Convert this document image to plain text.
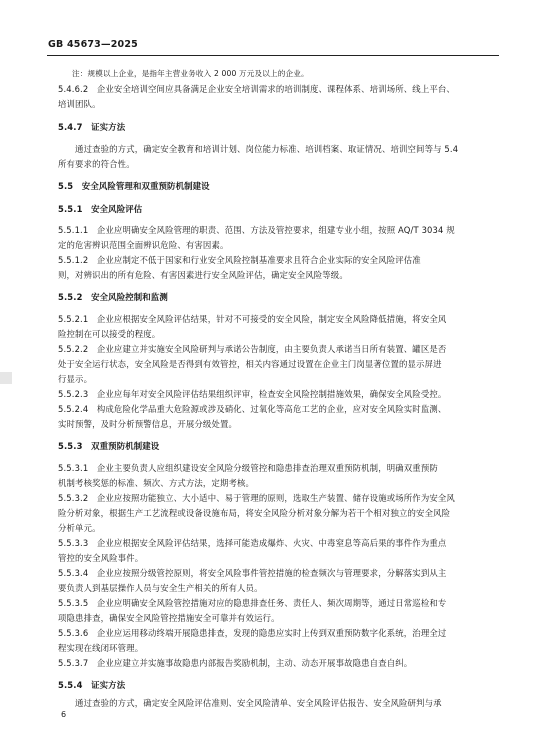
GB 45673—2025
注：规模以上企业，是指年主营业务收入 2 000 万元及以上的企业。
5.4.6.2　企业安全培训空间应具备满足企业安全培训需求的培训制度、课程体系、培训场所、线上平台、
培训团队。
5.4.7　证实方法
　　通过查验的方式，确定安全教育和培训计划、岗位能力标准、培训档案、取证情况、培训空间等与 5.4
所有要求的符合性。
5.5　安全风险管理和双重预防机制建设
5.5.1　安全风险评估
5.5.1.1　企业应明确安全风险管理的职责、范围、方法及管控要求，组建专业小组，按照 AQ/T 3034 规
定的危害辨识范围全面辨识危险、有害因素。
5.5.1.2　企业应制定不低于国家和行业安全风险控制基准要求且符合企业实际的安全风险评估准
则，对辨识出的所有危险、有害因素进行安全风险评估，确定安全风险等级。
5.5.2　安全风险控制和监测
5.5.2.1　企业应根据安全风险评估结果，针对不可接受的安全风险，制定安全风险降低措施，将安全风
险控制在可以接受的程度。
5.5.2.2　企业应建立并实施安全风险研判与承诺公告制度，由主要负责人承诺当日所有装置、罐区是否
处于安全运行状态，安全风险是否得到有效管控，相关内容通过设置在企业主门岗显著位置的显示屏进
行显示。
5.5.2.3　企业应每年对安全风险评估结果组织评审，检查安全风险控制措施效果，确保安全风险受控。
5.5.2.4　构成危险化学品重大危险源或涉及硝化、过氧化等高危工艺的企业，应对安全风险实时监测、
实时预警，及时分析预警信息，开展分级处置。
5.5.3　双重预防机制建设
5.5.3.1　企业主要负责人应组织建设安全风险分级管控和隐患排查治理双重预防机制，明确双重预防
机制考核奖惩的标准、频次、方式方法，定期考核。
5.5.3.2　企业应按照功能独立、大小适中、易于管理的原则，选取生产装置、储存设施或场所作为安全风
险分析对象，根据生产工艺流程或设备设施布局，将安全风险分析对象分解为若干个相对独立的安全风险
分析单元。
5.5.3.3　企业应根据安全风险评估结果，选择可能造成爆炸、火灾、中毒窒息等高后果的事件作为重点
管控的安全风险事件。
5.5.3.4　企业应按照分级管控原则，将安全风险事件管控措施的检查频次与管理要求，分解落实到从主
要负责人到基层操作人员与安全生产相关的所有人员。
5.5.3.5　企业应明确安全风险管控措施对应的隐患排查任务、责任人、频次周期等，通过日常巡检和专
项隐患排查，确保安全风险管控措施安全可靠并有效运行。
5.5.3.6　企业应运用移动终端开展隐患排查，发现的隐患应实时上传到双重预防数字化系统，治理全过
程实现在线闭环管理。
5.5.3.7　企业应建立并实施事故隐患内部报告奖励机制，主动、动态开展事故隐患自查自纠。
5.5.4　证实方法
　　通过查验的方式，确定安全风险评估准则、安全风险清单、安全风险评估报告、安全风险研判与承
6
